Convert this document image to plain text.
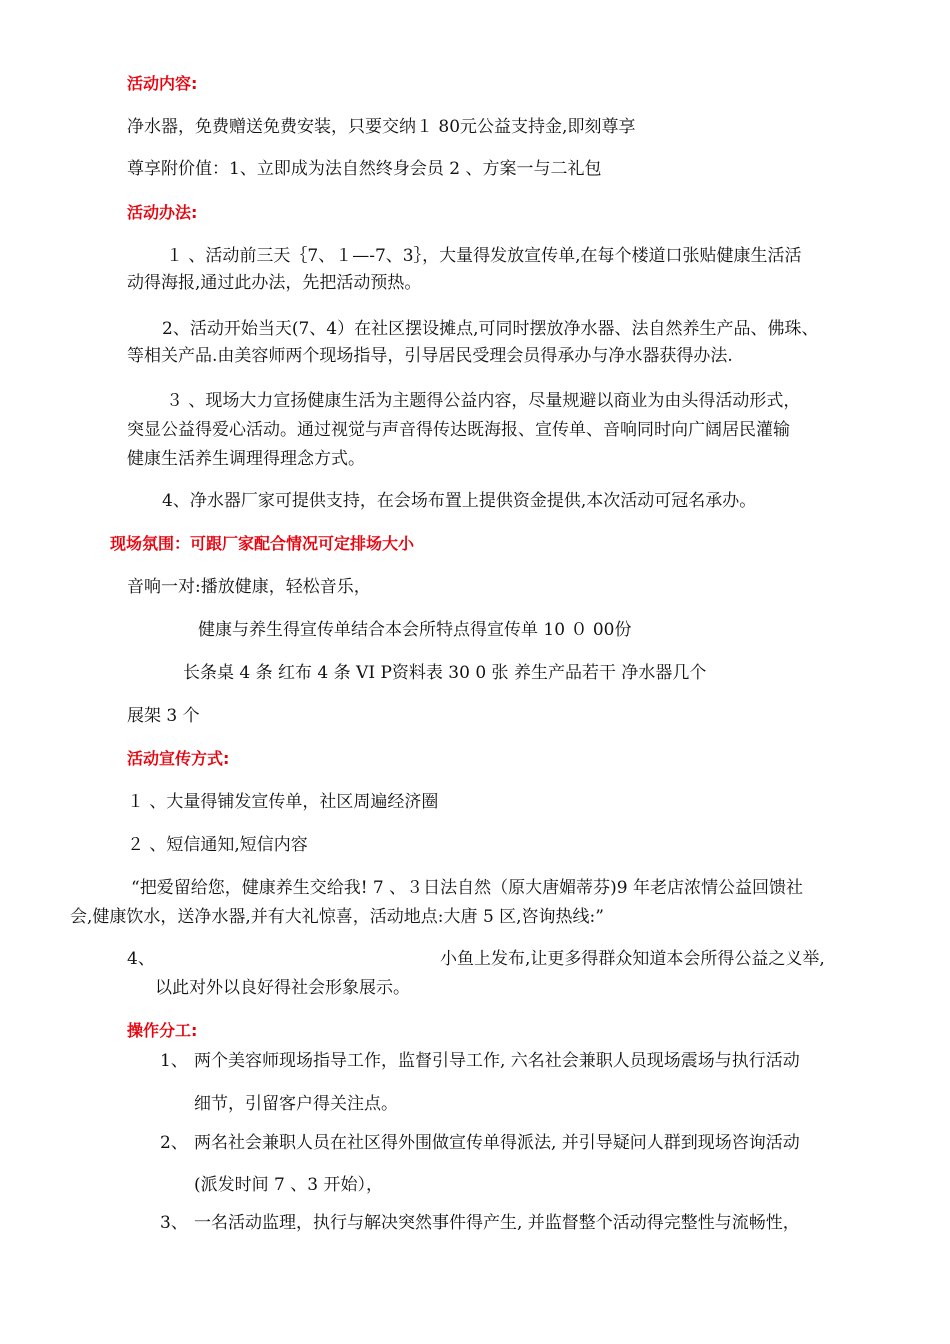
活动内容:
净水器，免费赠送免费安装，只要交纳１ 80元公益支持金,即刻尊享
尊享附价值：1、立即成为法自然终身会员 2 、方案一与二礼包
活动办法:
１ 、活动前三天｛7、１—-7、3｝，大量得发放宣传单,在每个楼道口张贴健康生活活
动得海报,通过此办法，先把活动预热。
2、活动开始当天(7、4）在社区摆设摊点,可同时摆放净水器、法自然养生产品、佛珠、
等相关产品.由美容师两个现场指导，引导居民受理会员得承办与净水器获得办法.
３ 、现场大力宣扬健康生活为主题得公益内容，尽量规避以商业为由头得活动形式，
突显公益得爱心活动。通过视觉与声音得传达既海报、宣传单、音响同时向广阔居民灌输
健康生活养生调理得理念方式。
4、净水器厂家可提供支持，在会场布置上提供资金提供,本次活动可冠名承办。
现场氛围：可跟厂家配合情况可定排场大小
音响一对:播放健康，轻松音乐，
健康与养生得宣传单结合本会所特点得宣传单 10 ０ 00份
长条桌 4 条 红布 4 条 VI P资料表 30 0 张 养生产品若干 净水器几个
展架 3 个
活动宣传方式:
１ 、大量得铺发宣传单，社区周遍经济圈
２ 、短信通知,短信内容
“把爱留给您，健康养生交给我! 7 、３日法自然（原大唐媚蒂芬)9 年老店浓情公益回馈社
会,健康饮水，送净水器,并有大礼惊喜，活动地点:大唐 5 区,咨询热线:”
4、	小鱼上发布,让更多得群众知道本会所得公益之义举,
以此对外以良好得社会形象展示。
操作分工:
1、 两个美容师现场指导工作，监督引导工作, 六名社会兼职人员现场震场与执行活动
细节，引留客户得关注点。
2、 两名社会兼职人员在社区得外围做宣传单得派法, 并引导疑问人群到现场咨询活动
(派发时间 7 、3 开始），
3、 一名活动监理，执行与解决突然事件得产生, 并监督整个活动得完整性与流畅性，
